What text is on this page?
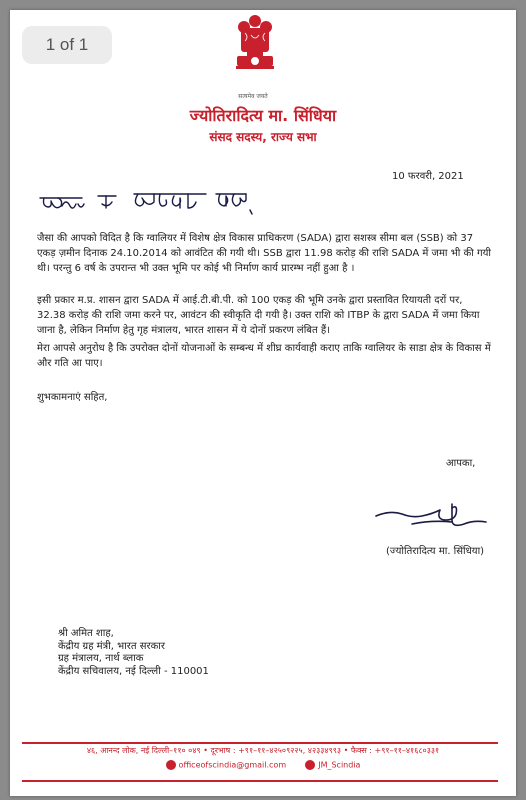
1 of 1
सत्यमेव जयते
ज्योतिरादित्य मा. सिंधिया
संसद सदस्य, राज्य सभा
10 फरवरी, 2021

जैसा की आपको विदित है कि ग्वालियर में विशेष क्षेत्र विकास प्राधिकरण (SADA) द्वारा सशस्त्र सीमा बल (SSB) को 37 एकड़ ज़मीन दिनाक 24.10.2014 को आवंटित की गयी थी। SSB द्वारा 11.98 करोड़ की राशि SADA में जमा भी की गयी थी। परन्तु 6 वर्ष के उपरान्त भी उक्त भूमि पर कोई भी निर्माण कार्य प्रारम्भ नहीं हुआ है ।

इसी प्रकार म.प्र. शासन द्वारा SADA में आई.टी.बी.पी. को 100 एकड़ की भूमि उनके द्वारा प्रस्तावित रियायती दरों पर, 32.38 करोड़ की राशि जमा करने पर, आवंटन की स्वीकृति दी गयी है। उक्त राशि को ITBP के द्वारा SADA में जमा किया जाना है, लेकिन निर्माण हेतु गृह मंत्रालय, भारत शासन में ये दोनों प्रकरण लंबित हैं।

मेरा आपसे अनुरोध है कि उपरोक्त दोनों योजनाओं के सम्बन्ध में शीघ्र कार्यवाही कराए ताकि ग्वालियर के साडा क्षेत्र के विकास में और गति आ पाए।

शुभकामनाएं सहित,
आपका,
(ज्योतिरादित्य मा. सिंधिया)
श्री अमित शाह,
केंद्रीय ग्रह मंत्री, भारत सरकार
ग्रह मंत्रालय, नार्थ ब्लाक
केंद्रीय सचिवालय, नई दिल्ली - 110001
४६, आनन्द लोक, नई दिल्ली–११० ०४९ • दूरभाष : +९१–११–४२५०९२२५, ४२३३४९९३ • फैक्स : +९१–११–४१६८०३३१
officeofscindia@gmail.com	JM_Scindia
